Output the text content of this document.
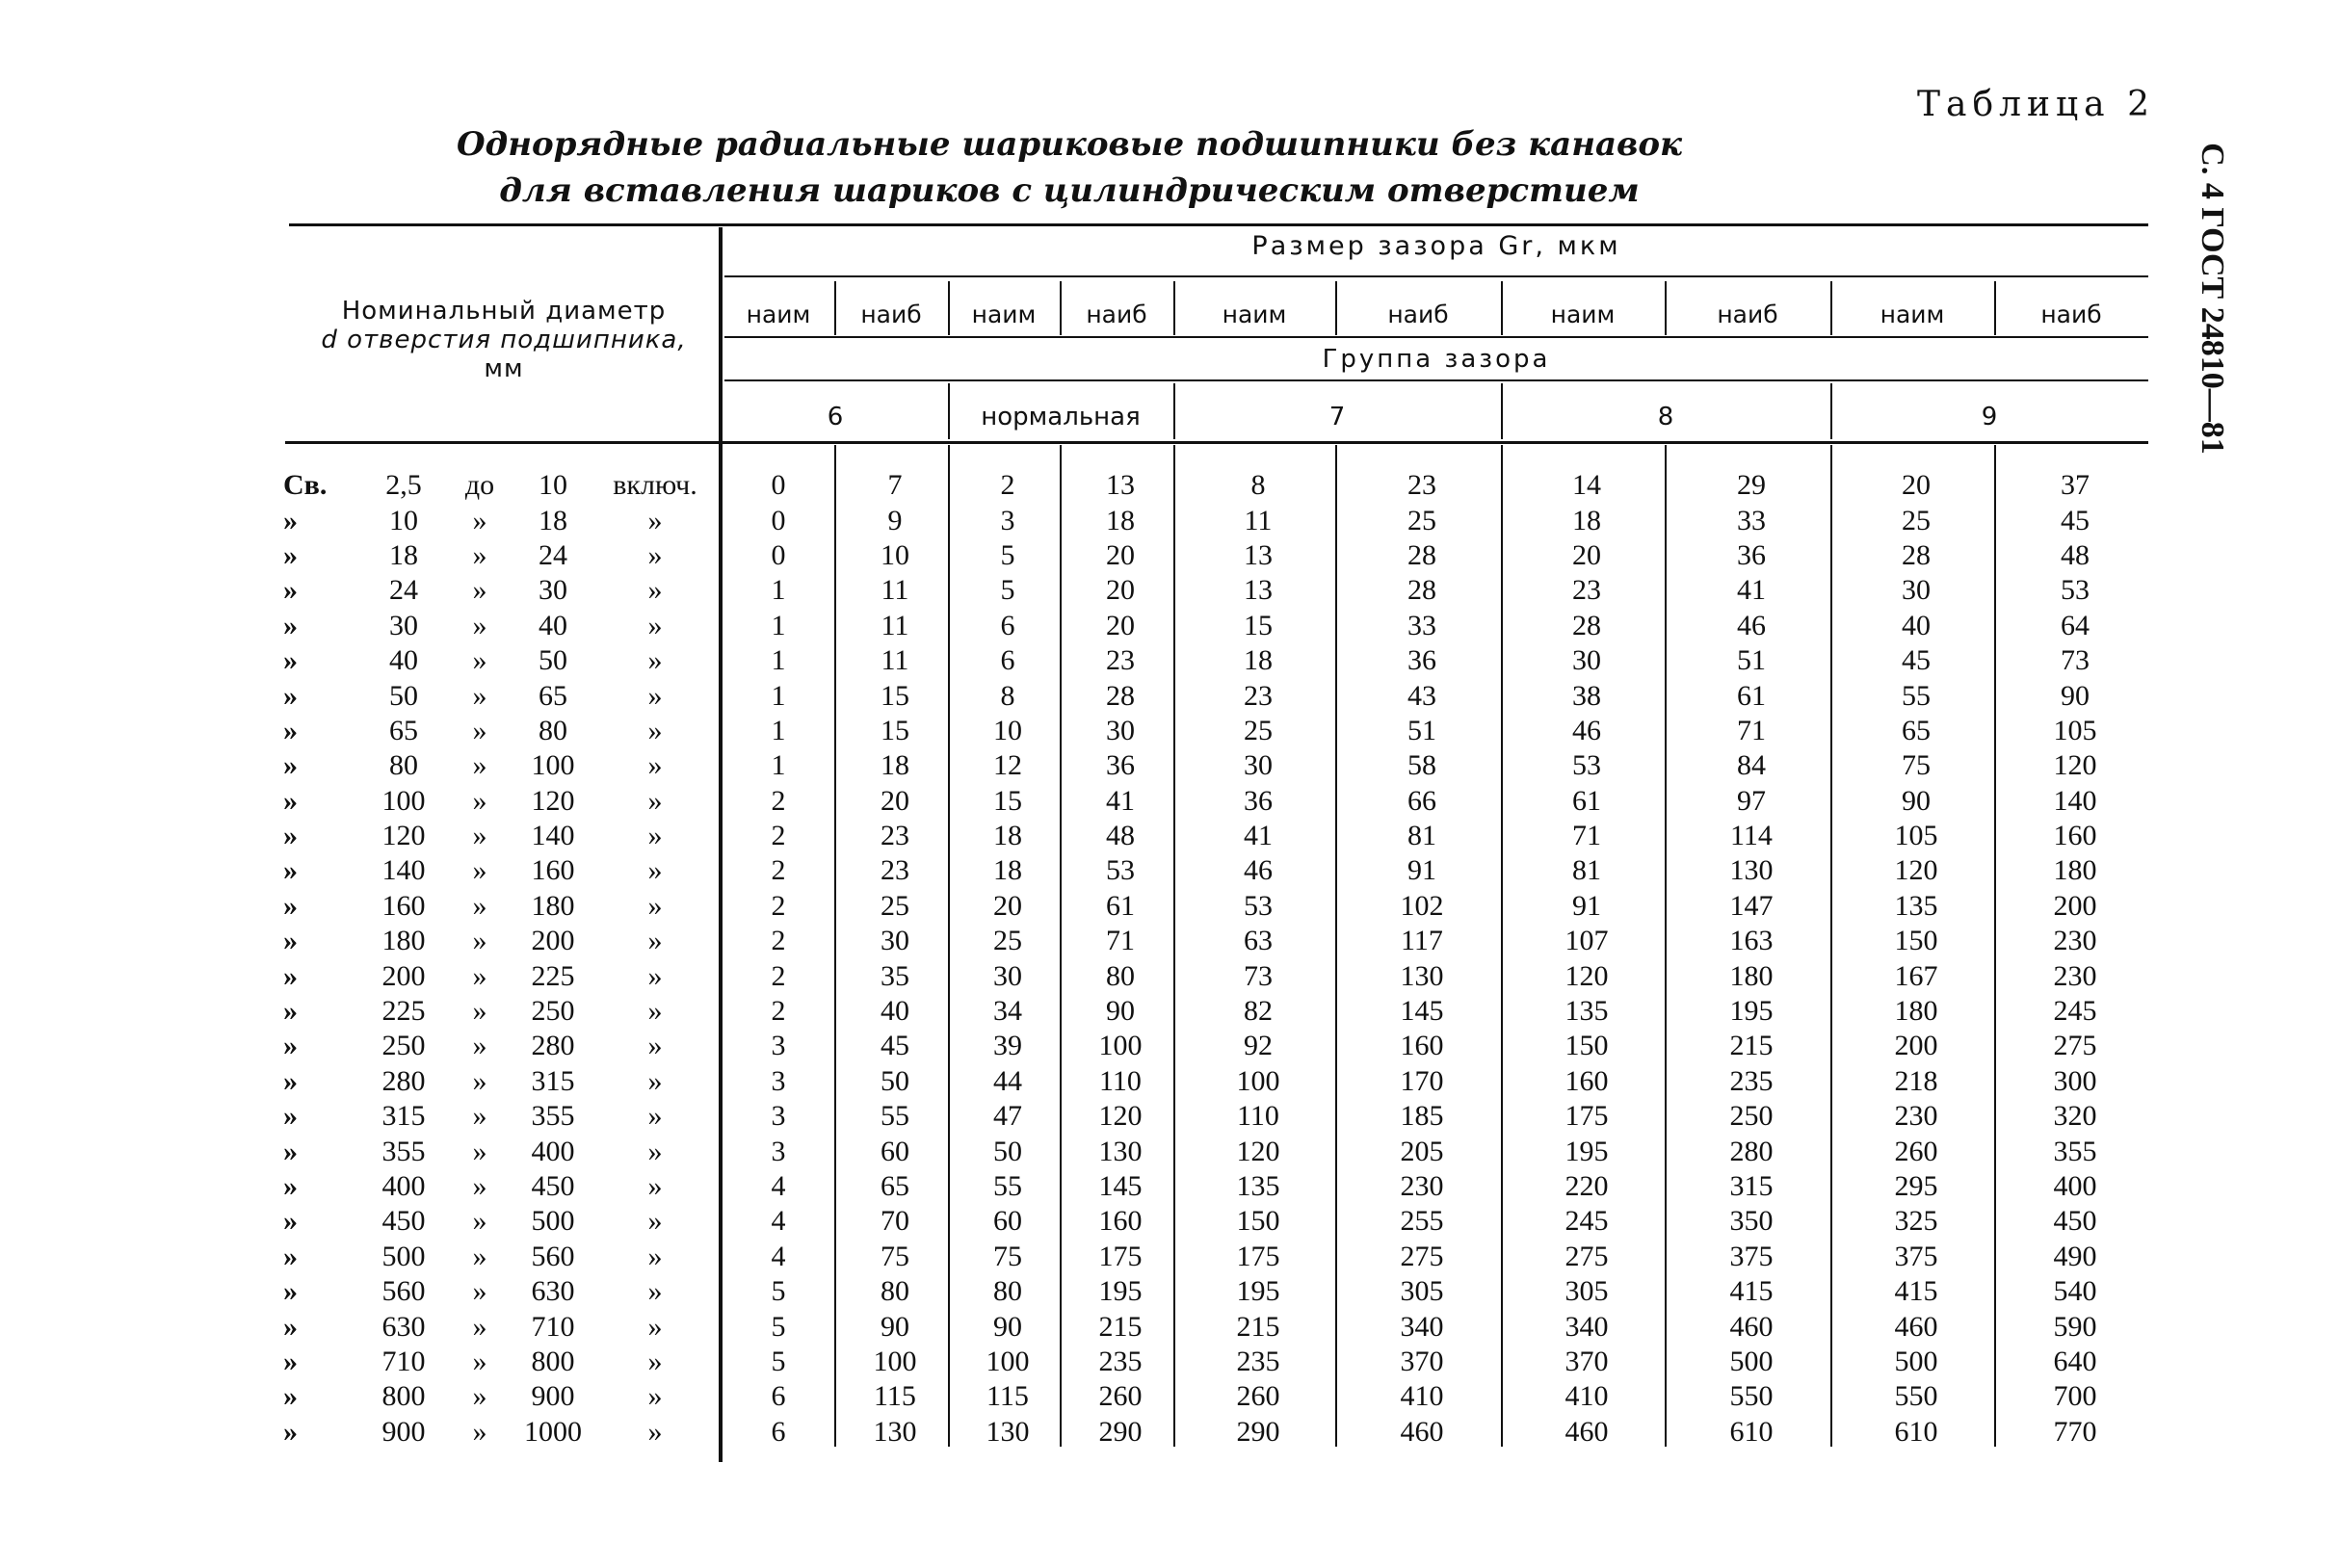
Таблица 2
Однорядные радиальные шариковые подшипники без канавок
для вставления шариков с цилиндрическим отверстием	С. 4 ГОСТ 24810—81
Номинальный диаметр
d отверстия подшипника,
мм
Размер зазора Gr, мкм
наим	наиб	наим	наиб	наим	наиб	наим	наиб	наим	наиб
Группа зазора
6	нормальная	7	8	9
Св.	2,5	до	10	включ.	0	7	2	13	8	23	14	29	20	37
»	10	»	18	»	0	9	3	18	11	25	18	33	25	45
»	18	»	24	»	0	10	5	20	13	28	20	36	28	48
»	24	»	30	»	1	11	5	20	13	28	23	41	30	53
»	30	»	40	»	1	11	6	20	15	33	28	46	40	64
»	40	»	50	»	1	11	6	23	18	36	30	51	45	73
»	50	»	65	»	1	15	8	28	23	43	38	61	55	90
»	65	»	80	»	1	15	10	30	25	51	46	71	65	105
»	80	»	100	»	1	18	12	36	30	58	53	84	75	120
»	100	»	120	»	2	20	15	41	36	66	61	97	90	140
»	120	»	140	»	2	23	18	48	41	81	71	114	105	160
»	140	»	160	»	2	23	18	53	46	91	81	130	120	180
»	160	»	180	»	2	25	20	61	53	102	91	147	135	200
»	180	»	200	»	2	30	25	71	63	117	107	163	150	230
»	200	»	225	»	2	35	30	80	73	130	120	180	167	230
»	225	»	250	»	2	40	34	90	82	145	135	195	180	245
»	250	»	280	»	3	45	39	100	92	160	150	215	200	275
»	280	»	315	»	3	50	44	110	100	170	160	235	218	300
»	315	»	355	»	3	55	47	120	110	185	175	250	230	320
»	355	»	400	»	3	60	50	130	120	205	195	280	260	355
»	400	»	450	»	4	65	55	145	135	230	220	315	295	400
»	450	»	500	»	4	70	60	160	150	255	245	350	325	450
»	500	»	560	»	4	75	75	175	175	275	275	375	375	490
»	560	»	630	»	5	80	80	195	195	305	305	415	415	540
»	630	»	710	»	5	90	90	215	215	340	340	460	460	590
»	710	»	800	»	5	100	100	235	235	370	370	500	500	640
»	800	»	900	»	6	115	115	260	260	410	410	550	550	700
»	900	»	1000	»	6	130	130	290	290	460	460	610	610	770
